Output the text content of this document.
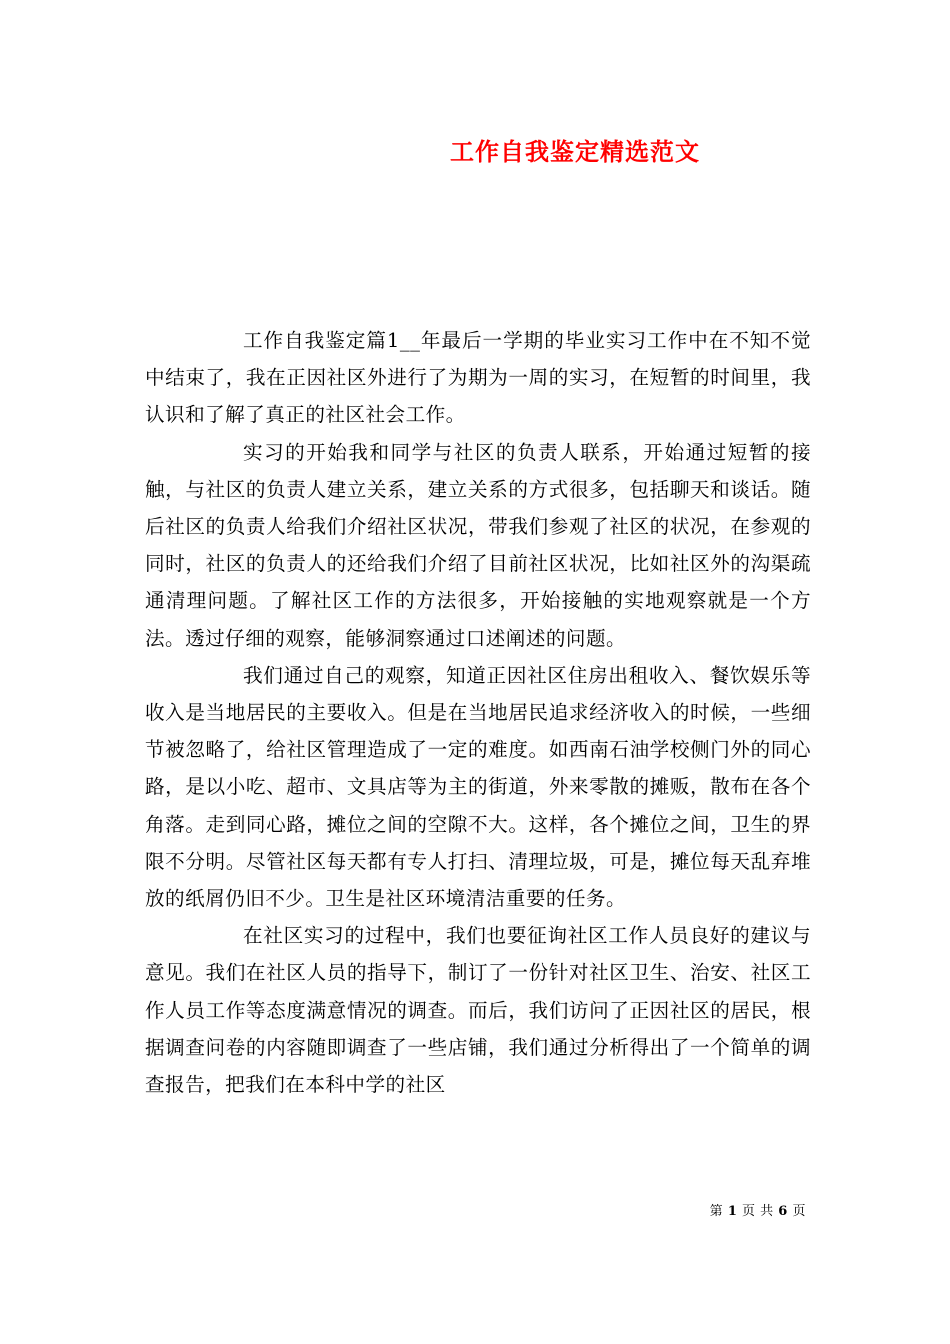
工作自我鉴定精选范文

工作自我鉴定篇1__年最后一学期的毕业实习工作中在不知不觉中结束了，我在正因社区外进行了为期为一周的实习，在短暂的时间里，我认识和了解了真正的社区社会工作。

实习的开始我和同学与社区的负责人联系，开始通过短暂的接触，与社区的负责人建立关系，建立关系的方式很多，包括聊天和谈话。随后社区的负责人给我们介绍社区状况，带我们参观了社区的状况，在参观的同时，社区的负责人的还给我们介绍了目前社区状况，比如社区外的沟渠疏通清理问题。了解社区工作的方法很多，开始接触的实地观察就是一个方法。透过仔细的观察，能够洞察通过口述阐述的问题。

我们通过自己的观察，知道正因社区住房出租收入、餐饮娱乐等收入是当地居民的主要收入。但是在当地居民追求经济收入的时候，一些细节被忽略了，给社区管理造成了一定的难度。如西南石油学校侧门外的同心路，是以小吃、超市、文具店等为主的街道，外来零散的摊贩，散布在各个角落。走到同心路，摊位之间的空隙不大。这样，各个摊位之间，卫生的界限不分明。尽管社区每天都有专人打扫、清理垃圾，可是，摊位每天乱弃堆放的纸屑仍旧不少。卫生是社区环境清洁重要的任务。

在社区实习的过程中，我们也要征询社区工作人员良好的建议与意见。我们在社区人员的指导下，制订了一份针对社区卫生、治安、社区工作人员工作等态度满意情况的调查。而后，我们访问了正因社区的居民，根据调查问卷的内容随即调查了一些店铺，我们通过分析得出了一个简单的调查报告，把我们在本科中学的社区

第 1 页 共 6 页
